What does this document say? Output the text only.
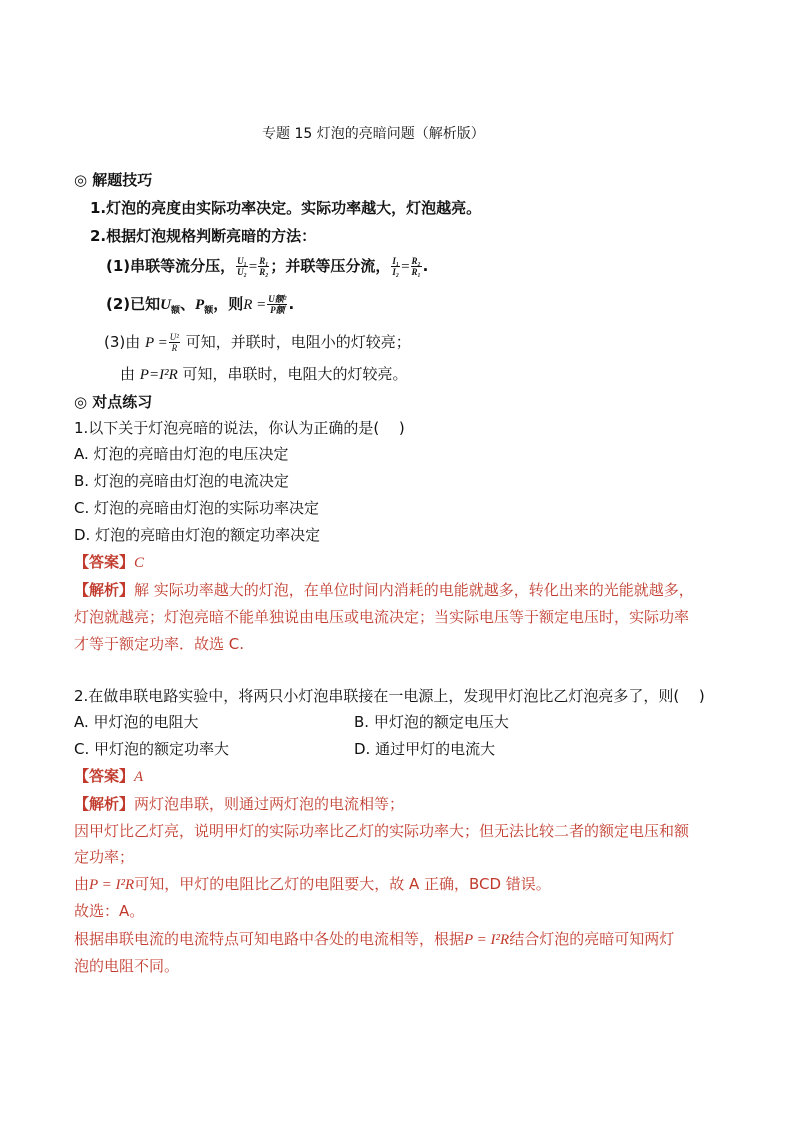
专题 15 灯泡的亮暗问题（解析版）
◎ 解题技巧
1.灯泡的亮度由实际功率决定。实际功率越大，灯泡越亮。
2.根据灯泡规格判断亮暗的方法：
(1)串联等流分压， $\frac{\text{U₁}}{\text{U₂}} = \frac{\text{R₁}}{\text{R₂}}$ ；并联等压分流， $\frac{\text{I₁}}{\text{I₂}} = \frac{\text{R₂}}{\text{R₁}}$ .
(2)已知$U_额$、$P_额$，则$R = \frac{\text{U额²}}{\text{P额}}$ .
(3)由 $P = \frac{\text{U²}}{R}$ 可知，并联时，电阻小的灯较亮；
由 P=I²R 可知，串联时，电阻大的灯较亮。
◎ 对点练习
1.以下关于灯泡亮暗的说法，你认为正确的是(　 )
A. 灯泡的亮暗由灯泡的电压决定
B. 灯泡的亮暗由灯泡的电流决定
C. 灯泡的亮暗由灯泡的实际功率决定
D. 灯泡的亮暗由灯泡的额定功率决定
【答案】C
【解析】解 实际功率越大的灯泡，在单位时间内消耗的电能就越多，转化出来的光能就越多，
灯泡就越亮；灯泡亮暗不能单独说由电压或电流决定；当实际电压等于额定电压时，实际功率
才等于额定功率．故选 C.
2.在做串联电路实验中，将两只小灯泡串联接在一电源上，发现甲灯泡比乙灯泡亮多了，则(　 )
A. 甲灯泡的电阻大	B. 甲灯泡的额定电压大
C. 甲灯泡的额定功率大	D. 通过甲灯的电流大
【答案】A
【解析】两灯泡串联，则通过两灯泡的电流相等；
因甲灯比乙灯亮，说明甲灯的实际功率比乙灯的实际功率大；但无法比较二者的额定电压和额
定功率；
由P = I²R可知，甲灯的电阻比乙灯的电阻要大，故 A 正确，BCD 错误。
故选：A。
根据串联电流的电流特点可知电路中各处的电流相等，根据P = I²R结合灯泡的亮暗可知两灯
泡的电阻不同。
